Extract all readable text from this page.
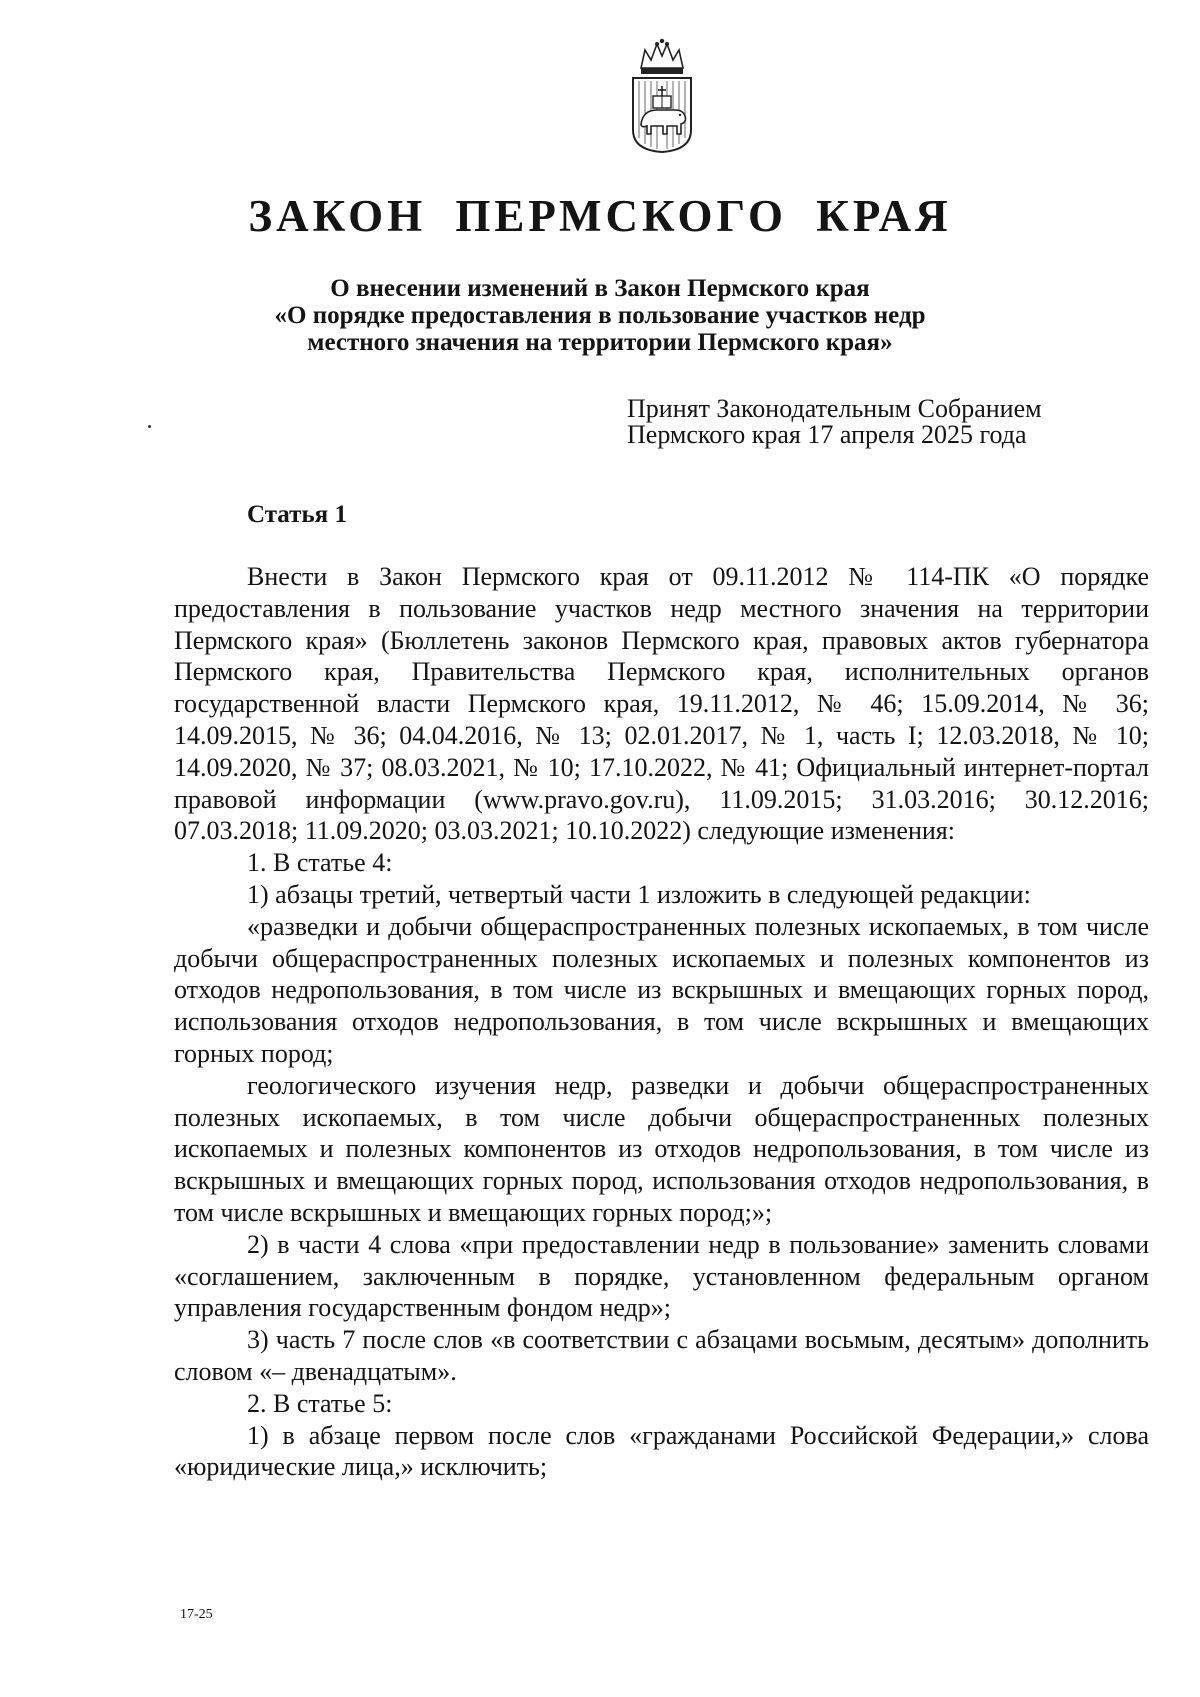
ЗАКОН ПЕРМСКОГО КРАЯ
О внесении изменений в Закон Пермского края
«О порядке предоставления в пользование участков недр
местного значения на территории Пермского края»
Принят Законодательным Собранием
Пермского края 17 апреля 2025 года
Статья 1

Внести в Закон Пермского края от 09.11.2012 № 114-ПК «О порядке предоставления в пользование участков недр местного значения на территории Пермского края» (Бюллетень законов Пермского края, правовых актов губернатора Пермского края, Правительства Пермского края, исполнительных органов государственной власти Пермского края, 19.11.2012, № 46; 15.09.2014, № 36; 14.09.2015, № 36; 04.04.2016, № 13; 02.01.2017, № 1, часть I; 12.03.2018, № 10; 14.09.2020, № 37; 08.03.2021, № 10; 17.10.2022, № 41; Официальный интернет-портал правовой информации (www.pravo.gov.ru), 11.09.2015; 31.03.2016; 30.12.2016; 07.03.2018; 11.09.2020; 03.03.2021; 10.10.2022) следующие изменения:

1. В статье 4:

1) абзацы третий, четвертый части 1 изложить в следующей редакции:

«разведки и добычи общераспространенных полезных ископаемых, в том числе добычи общераспространенных полезных ископаемых и полезных компонентов из отходов недропользования, в том числе из вскрышных и вмещающих горных пород, использования отходов недропользования, в том числе вскрышных и вмещающих горных пород;

геологического изучения недр, разведки и добычи общераспространенных полезных ископаемых, в том числе добычи общераспространенных полезных ископаемых и полезных компонентов из отходов недропользования, в том числе из вскрышных и вмещающих горных пород, использования отходов недропользования, в том числе вскрышных и вмещающих горных пород;»;

2) в части 4 слова «при предоставлении недр в пользование» заменить словами «соглашением, заключенным в порядке, установленном федеральным органом управления государственным фондом недр»;

3) часть 7 после слов «в соответствии с абзацами восьмым, десятым» дополнить словом «– двенадцатым».

2. В статье 5:

1) в абзаце первом после слов «гражданами Российской Федерации,» слова «юридические лица,» исключить;

17-25
